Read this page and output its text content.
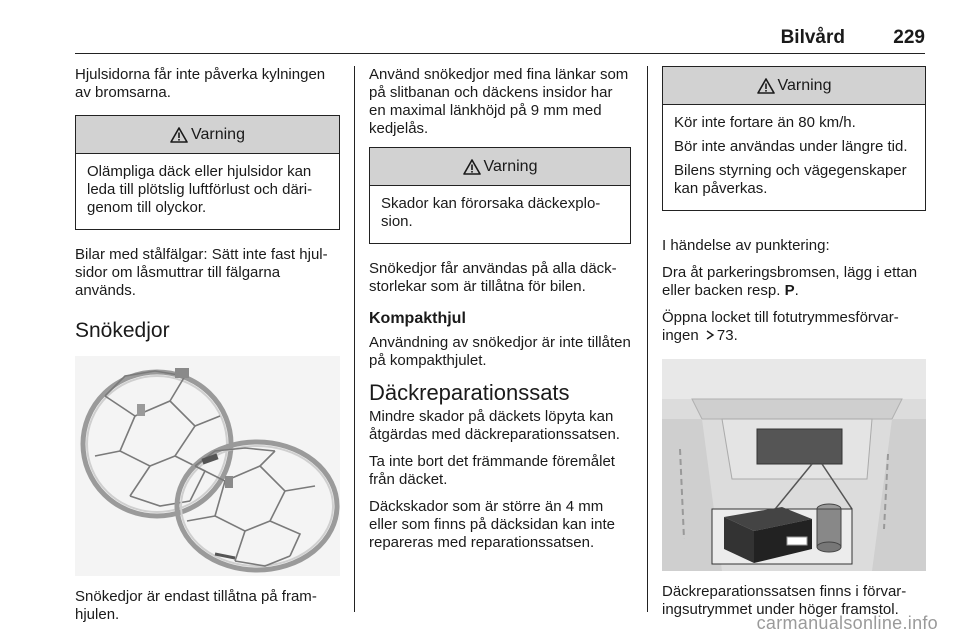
Bilvård	229

Hjulsidorna får inte påverka kylningen av bromsarna.

Varning

Olämpliga däck eller hjulsidor kan leda till plötslig luftförlust och därigenom till olyckor.

Bilar med stålfälgar: Sätt inte fast hjulsidor om låsmuttrar till fälgarna används.

Snökedjor

Snökedjor är endast tillåtna på framhjulen.

Använd snökedjor med fina länkar som på slitbanan och däckens insidor har en maximal länkhöjd på 9 mm med kedjelås.

Varning

Skador kan förorsaka däckexplosion.

Snökedjor får användas på alla däckstorlekar som är tillåtna för bilen.

Kompakthjul

Användning av snökedjor är inte tillåten på kompakthjulet.

Däckreparationssats

Mindre skador på däckets löpyta kan åtgärdas med däckreparationssatsen.

Ta inte bort det främmande föremålet från däcket.

Däckskador som är större än 4 mm eller som finns på däcksidan kan inte repareras med reparationssatsen.

Varning

Kör inte fortare än 80 km/h.

Bör inte användas under längre tid.

Bilens styrning och vägegenskaper kan påverkas.

I händelse av punktering:

Dra åt parkeringsbromsen, lägg i ettan eller backen resp. P.

Öppna locket till fotutrymmesförvaringen 73.

Däckreparationssatsen finns i förvaringsutrymmet under höger framstol.

carmanualsonline.info
